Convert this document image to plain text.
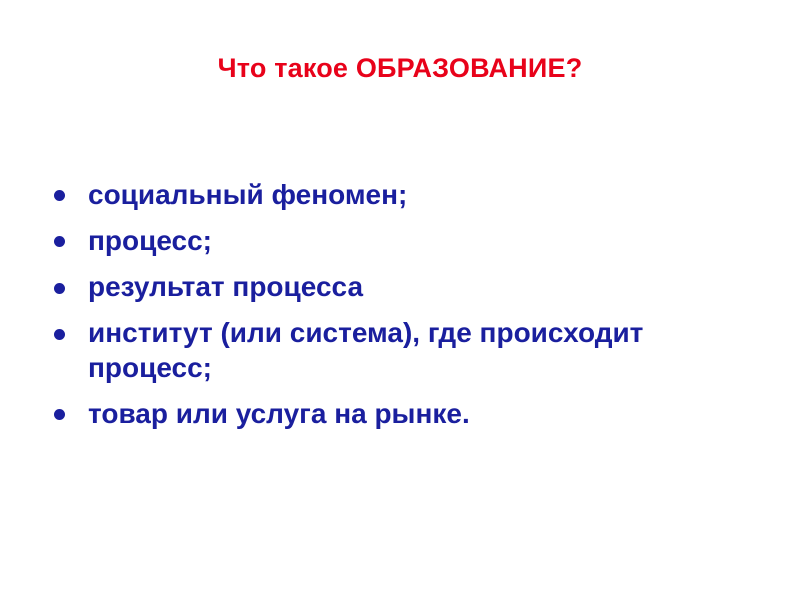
Что такое ОБРАЗОВАНИЕ?
социальный феномен;
процесс;
результат процесса
институт (или система), где происходит процесс;
товар или услуга на рынке.
